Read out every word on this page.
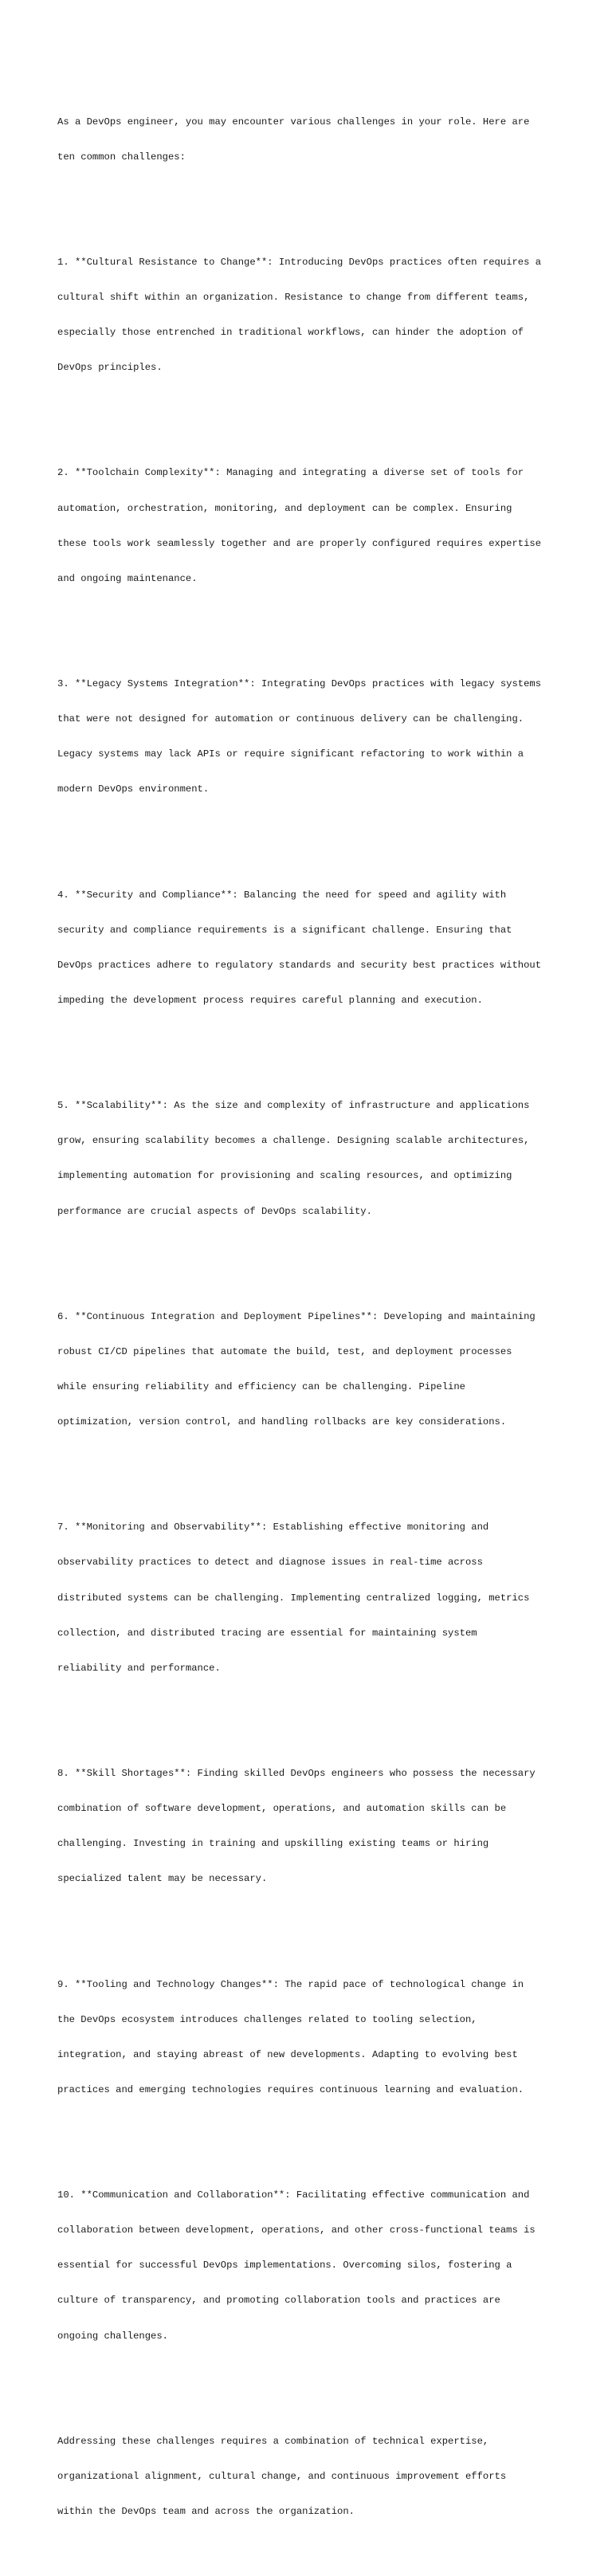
As a DevOps engineer, you may encounter various challenges in your role. Here are

ten common challenges:

1. **Cultural Resistance to Change**: Introducing DevOps practices often requires a

cultural shift within an organization. Resistance to change from different teams,

especially those entrenched in traditional workflows, can hinder the adoption of

DevOps principles.

2. **Toolchain Complexity**: Managing and integrating a diverse set of tools for

automation, orchestration, monitoring, and deployment can be complex. Ensuring

these tools work seamlessly together and are properly configured requires expertise

and ongoing maintenance.

3. **Legacy Systems Integration**: Integrating DevOps practices with legacy systems

that were not designed for automation or continuous delivery can be challenging.

Legacy systems may lack APIs or require significant refactoring to work within a

modern DevOps environment.

4. **Security and Compliance**: Balancing the need for speed and agility with

security and compliance requirements is a significant challenge. Ensuring that

DevOps practices adhere to regulatory standards and security best practices without

impeding the development process requires careful planning and execution.

5. **Scalability**: As the size and complexity of infrastructure and applications

grow, ensuring scalability becomes a challenge. Designing scalable architectures,

implementing automation for provisioning and scaling resources, and optimizing

performance are crucial aspects of DevOps scalability.

6. **Continuous Integration and Deployment Pipelines**: Developing and maintaining

robust CI/CD pipelines that automate the build, test, and deployment processes

while ensuring reliability and efficiency can be challenging. Pipeline

optimization, version control, and handling rollbacks are key considerations.

7. **Monitoring and Observability**: Establishing effective monitoring and

observability practices to detect and diagnose issues in real-time across

distributed systems can be challenging. Implementing centralized logging, metrics

collection, and distributed tracing are essential for maintaining system

reliability and performance.

8. **Skill Shortages**: Finding skilled DevOps engineers who possess the necessary

combination of software development, operations, and automation skills can be

challenging. Investing in training and upskilling existing teams or hiring

specialized talent may be necessary.

9. **Tooling and Technology Changes**: The rapid pace of technological change in

the DevOps ecosystem introduces challenges related to tooling selection,

integration, and staying abreast of new developments. Adapting to evolving best

practices and emerging technologies requires continuous learning and evaluation.

10. **Communication and Collaboration**: Facilitating effective communication and

collaboration between development, operations, and other cross-functional teams is

essential for successful DevOps implementations. Overcoming silos, fostering a

culture of transparency, and promoting collaboration tools and practices are

ongoing challenges.

Addressing these challenges requires a combination of technical expertise,

organizational alignment, cultural change, and continuous improvement efforts

within the DevOps team and across the organization.
